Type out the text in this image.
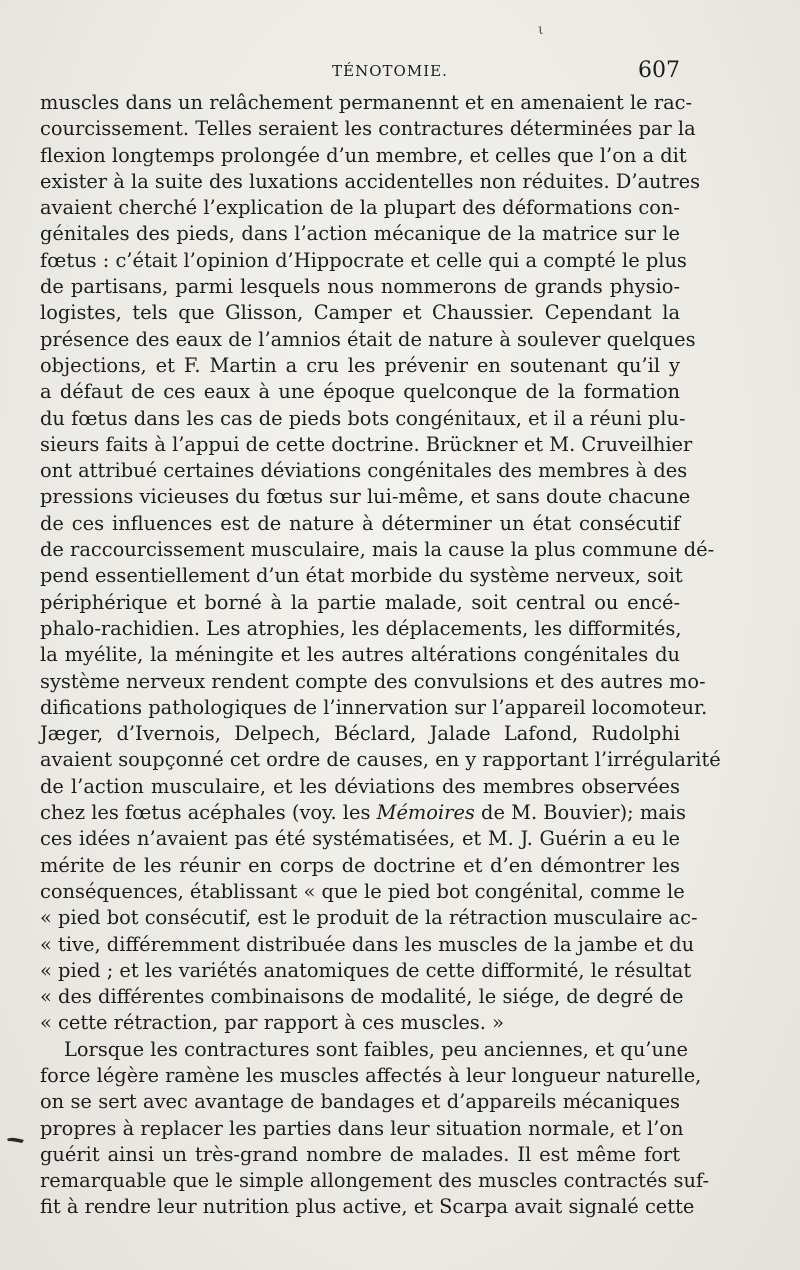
ι
TÉNOTOMIE.	607
muscles dans un relâchement permanennt et en amenaient le rac-
courcissement. Telles seraient les contractures déterminées par la
flexion longtemps prolongée d’un membre, et celles que l’on a dit
exister à la suite des luxations accidentelles non réduites. D’autres
avaient cherché l’explication de la plupart des déformations con-
génitales des pieds, dans l’action mécanique de la matrice sur le
fœtus : c’était l’opinion d’Hippocrate et celle qui a compté le plus
de partisans, parmi lesquels nous nommerons de grands physio-
logistes, tels que Glisson, Camper et Chaussier. Cependant la
présence des eaux de l’amnios était de nature à soulever quelques
objections, et F. Martin a cru les prévenir en soutenant qu’il y
a défaut de ces eaux à une époque quelconque de la formation
du fœtus dans les cas de pieds bots congénitaux, et il a réuni plu-
sieurs faits à l’appui de cette doctrine. Brückner et M. Cruveilhier
ont attribué certaines déviations congénitales des membres à des
pressions vicieuses du fœtus sur lui-même, et sans doute chacune
de ces influences est de nature à déterminer un état consécutif
de raccourcissement musculaire, mais la cause la plus commune dé-
pend essentiellement d’un état morbide du système nerveux, soit
périphérique et borné à la partie malade, soit central ou encé-
phalo-rachidien. Les atrophies, les déplacements, les difformités,
la myélite, la méningite et les autres altérations congénitales du
système nerveux rendent compte des convulsions et des autres mo-
difications pathologiques de l’innervation sur l’appareil locomoteur.
Jæger, d’Ivernois, Delpech, Béclard, Jalade Lafond, Rudolphi
avaient soupçonné cet ordre de causes, en y rapportant l’irrégularité
de l’action musculaire, et les déviations des membres observées
chez les fœtus acéphales (voy. les Mémoires de M. Bouvier); mais
ces idées n’avaient pas été systématisées, et M. J. Guérin a eu le
mérite de les réunir en corps de doctrine et d’en démontrer les
conséquences, établissant « que le pied bot congénital, comme le
« pied bot consécutif, est le produit de la rétraction musculaire ac-
« tive, différemment distribuée dans les muscles de la jambe et du
« pied ; et les variétés anatomiques de cette difformité, le résultat
« des différentes combinaisons de modalité, le siége, de degré de
« cette rétraction, par rapport à ces muscles. »
Lorsque les contractures sont faibles, peu anciennes, et qu’une
force légère ramène les muscles affectés à leur longueur naturelle,
on se sert avec avantage de bandages et d’appareils mécaniques
propres à replacer les parties dans leur situation normale, et l’on
guérit ainsi un très-grand nombre de malades. Il est même fort
remarquable que le simple allongement des muscles contractés suf-
fit à rendre leur nutrition plus active, et Scarpa avait signalé cette
